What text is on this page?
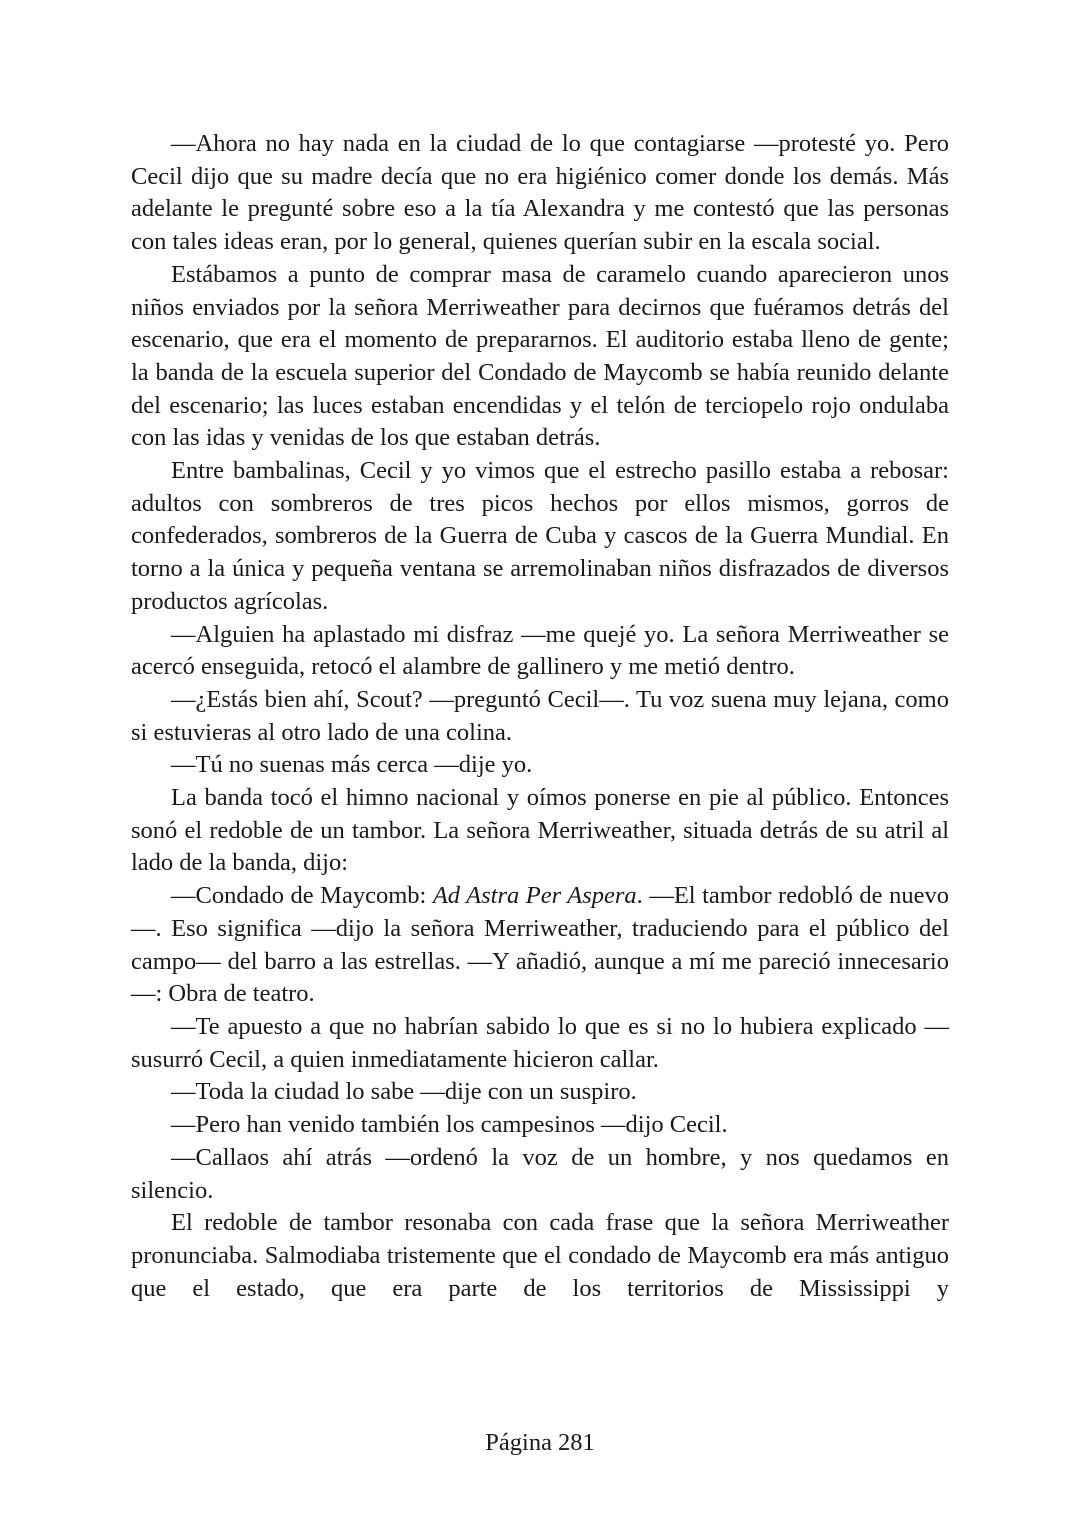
—Ahora no hay nada en la ciudad de lo que contagiarse —protesté yo. Pero Cecil dijo que su madre decía que no era higiénico comer donde los demás. Más adelante le pregunté sobre eso a la tía Alexandra y me contestó que las personas con tales ideas eran, por lo general, quienes querían subir en la escala social.

Estábamos a punto de comprar masa de caramelo cuando aparecieron unos niños enviados por la señora Merriweather para decirnos que fuéramos detrás del escenario, que era el momento de prepararnos. El auditorio estaba lleno de gente; la banda de la escuela superior del Condado de Maycomb se había reunido delante del escenario; las luces estaban encendidas y el telón de terciopelo rojo ondulaba con las idas y venidas de los que estaban detrás.

Entre bambalinas, Cecil y yo vimos que el estrecho pasillo estaba a rebosar: adultos con sombreros de tres picos hechos por ellos mismos, gorros de confederados, sombreros de la Guerra de Cuba y cascos de la Guerra Mundial. En torno a la única y pequeña ventana se arremolinaban niños disfrazados de diversos productos agrícolas.

—Alguien ha aplastado mi disfraz —me quejé yo. La señora Merriweather se acercó enseguida, retocó el alambre de gallinero y me metió dentro.

—¿Estás bien ahí, Scout? —preguntó Cecil—. Tu voz suena muy lejana, como si estuvieras al otro lado de una colina.

—Tú no suenas más cerca —dije yo.

La banda tocó el himno nacional y oímos ponerse en pie al público. Entonces sonó el redoble de un tambor. La señora Merriweather, situada detrás de su atril al lado de la banda, dijo:

—Condado de Maycomb: Ad Astra Per Aspera. —El tambor redobló de nuevo—. Eso significa —dijo la señora Merriweather, traduciendo para el público del campo— del barro a las estrellas. —Y añadió, aunque a mí me pareció innecesario—: Obra de teatro.

—Te apuesto a que no habrían sabido lo que es si no lo hubiera explicado —susurró Cecil, a quien inmediatamente hicieron callar.

—Toda la ciudad lo sabe —dije con un suspiro.

—Pero han venido también los campesinos —dijo Cecil.

—Callaos ahí atrás —ordenó la voz de un hombre, y nos quedamos en silencio.

El redoble de tambor resonaba con cada frase que la señora Merriweather pronunciaba. Salmodiaba tristemente que el condado de Maycomb era más antiguo que el estado, que era parte de los territorios de Mississippi y

Página 281
